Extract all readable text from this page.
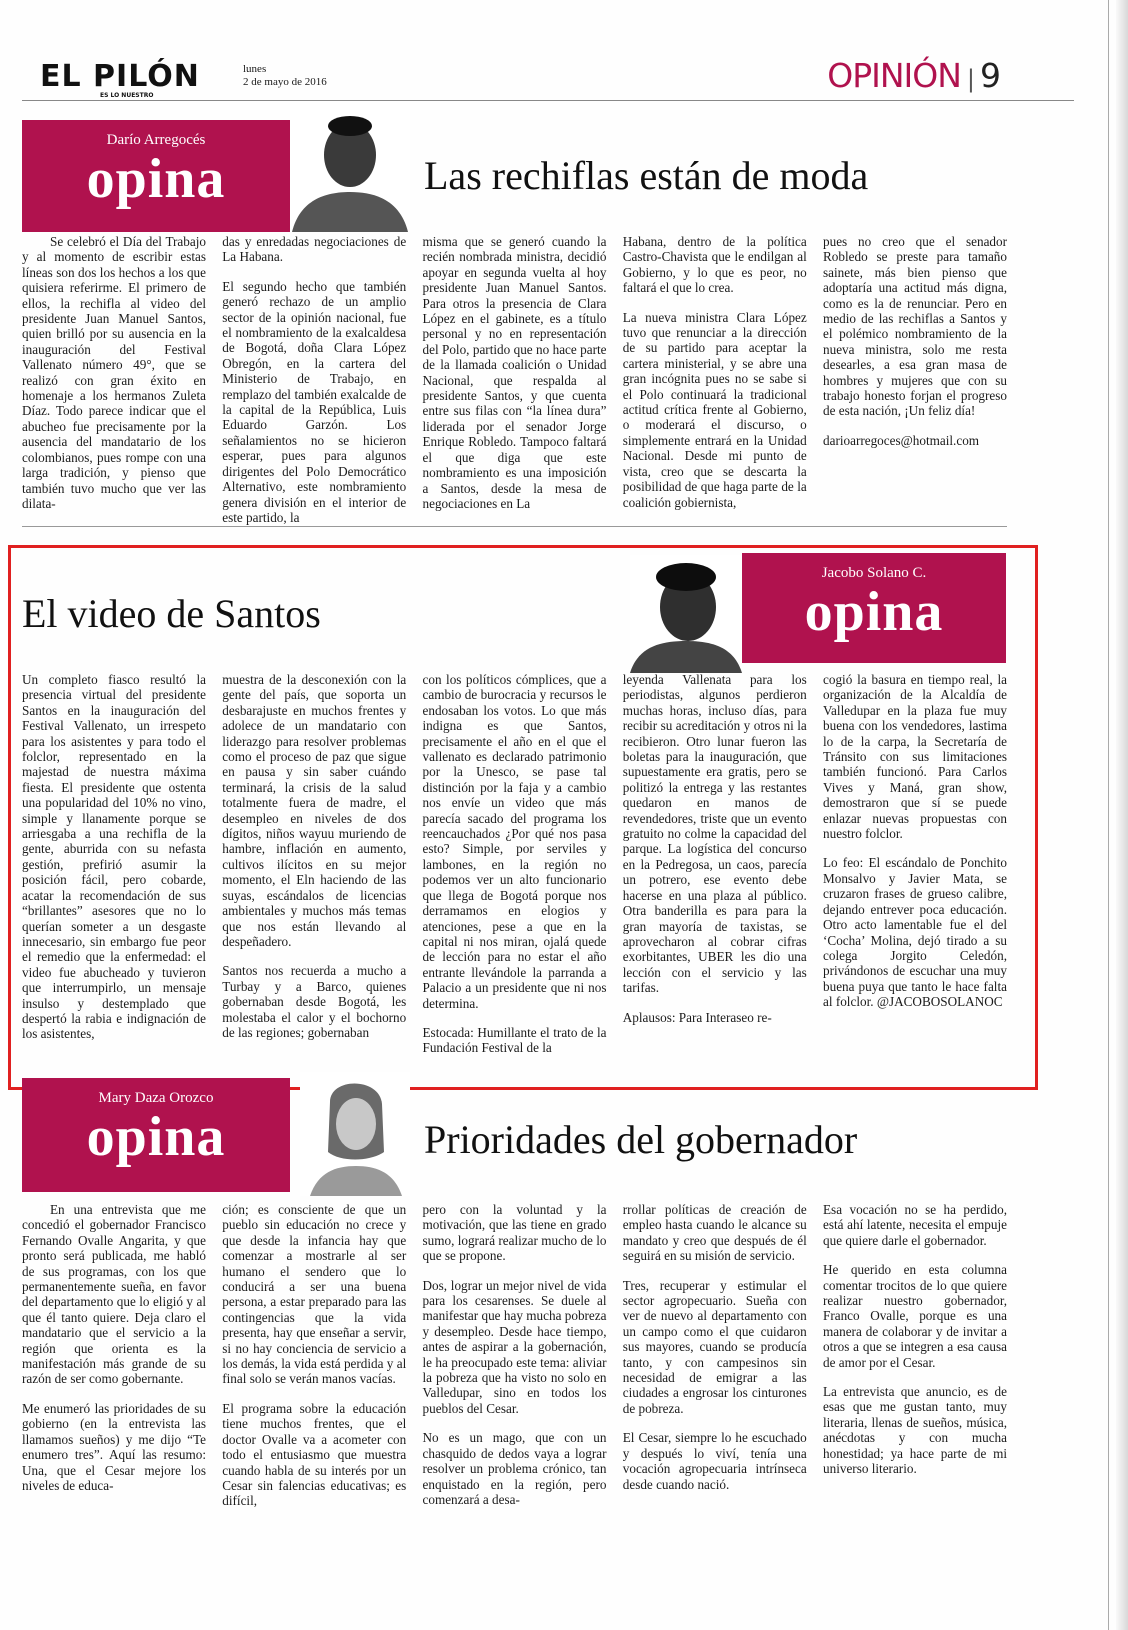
EL PILÓN
ES LO NUESTRO
lunes
2 de mayo de 2016	OPINIÓN | 9
Darío Arregocés
opina	Las rechiflas están de moda

Se celebró el Día del Trabajo y al momento de escribir estas líneas son dos los hechos a los que quisiera referirme. El primero de ellos, la rechifla al video del presidente Juan Manuel Santos, quien brilló por su ausencia en la inauguración del Festival Vallenato número 49°, que se realizó con gran éxito en homenaje a los hermanos Zuleta Díaz. Todo parece indicar que el abucheo fue precisamente por la ausencia del mandatario de los colombianos, pues rompe con una larga tradición, y pienso que también tuvo mucho que ver las dilata-

das y enredadas negociaciones de La Habana.

El segundo hecho que también generó rechazo de un amplio sector de la opinión nacional, fue el nombramiento de la exalcaldesa de Bogotá, doña Clara López Obregón, en la cartera del Ministerio de Trabajo, en remplazo del también exalcalde de la capital de la República, Luis Eduardo Garzón. Los señalamientos no se hicieron esperar, pues para algunos dirigentes del Polo Democrático Alternativo, este nombramiento genera división en el interior de este partido, la

misma que se generó cuando la recién nombrada ministra, decidió apoyar en segunda vuelta al hoy presidente Juan Manuel Santos. Para otros la presencia de Clara López en el gabinete, es a título personal y no en representación del Polo, partido que no hace parte de la llamada coalición o Unidad Nacional, que respalda al presidente Santos, y que cuenta entre sus filas con “la línea dura” liderada por el senador Jorge Enrique Robledo. Tampoco faltará el que diga que este nombramiento es una imposición a Santos, desde la mesa de negociaciones en La

Habana, dentro de la política Castro-Chavista que le endilgan al Gobierno, y lo que es peor, no faltará el que lo crea.

La nueva ministra Clara López tuvo que renunciar a la dirección de su partido para aceptar la cartera ministerial, y se abre una gran incógnita pues no se sabe si el Polo continuará la tradicional actitud crítica frente al Gobierno, o moderará el discurso, o simplemente entrará en la Unidad Nacional. Desde mi punto de vista, creo que se descarta la posibilidad de que haga parte de la coalición gobiernista,

pues no creo que el senador Robledo se preste para tamaño sainete, más bien pienso que adoptaría una actitud más digna, como es la de renunciar. Pero en medio de las rechiflas a Santos y el polémico nombramiento de la nueva ministra, solo me resta desearles, a esa gran masa de hombres y mujeres que con su trabajo honesto forjan el progreso de esta nación, ¡Un feliz día!

darioarregoces@hotmail.com

El video de Santos
Jacobo Solano C.
opina

Un completo fiasco resultó la presencia virtual del presidente Santos en la inauguración del Festival Vallenato, un irrespeto para los asistentes y para todo el folclor, representado en la majestad de nuestra máxima fiesta. El presidente que ostenta una popularidad del 10% no vino, simple y llanamente porque se arriesgaba a una rechifla de la gente, aburrida con su nefasta gestión, prefirió asumir la posición fácil, pero cobarde, acatar la recomendación de sus “brillantes” asesores que no lo querían someter a un desgaste innecesario, sin embargo fue peor el remedio que la enfermedad: el video fue abucheado y tuvieron que interrumpirlo, un mensaje insulso y destemplado que despertó la rabia e indignación de los asistentes,

muestra de la desconexión con la gente del país, que soporta un desbarajuste en muchos frentes y adolece de un mandatario con liderazgo para resolver problemas como el proceso de paz que sigue en pausa y sin saber cuándo terminará, la crisis de la salud totalmente fuera de madre, el desempleo en niveles de dos dígitos, niños wayuu muriendo de hambre, inflación en aumento, cultivos ilícitos en su mejor momento, el Eln haciendo de las suyas, escándalos de licencias ambientales y muchos más temas que nos están llevando al despeñadero.

Santos nos recuerda a mucho a Turbay y a Barco, quienes gobernaban desde Bogotá, les molestaba el calor y el bochorno de las regiones; gobernaban

con los políticos cómplices, que a cambio de burocracia y recursos le endosaban los votos. Lo que más indigna es que Santos, precisamente el año en el que el vallenato es declarado patrimonio por la Unesco, se pase tal distinción por la faja y a cambio nos envíe un video que más parecía sacado del programa los reencauchados ¿Por qué nos pasa esto? Simple, por serviles y lambones, en la región no podemos ver un alto funcionario que llega de Bogotá porque nos derramamos en elogios y atenciones, pese a que en la capital ni nos miran, ojalá quede de lección para no estar el año entrante llevándole la parranda a Palacio a un presidente que ni nos determina.

Estocada: Humillante el trato de la Fundación Festival de la

leyenda Vallenata para los periodistas, algunos perdieron muchas horas, incluso días, para recibir su acreditación y otros ni la recibieron. Otro lunar fueron las boletas para la inauguración, que supuestamente era gratis, pero se politizó la entrega y las restantes quedaron en manos de revendedores, triste que un evento gratuito no colme la capacidad del parque. La logística del concurso en la Pedregosa, un caos, parecía un potrero, ese evento debe hacerse en una plaza al público. Otra banderilla es para para la gran mayoría de taxistas, se aprovecharon al cobrar cifras exorbitantes, UBER les dio una lección con el servicio y las tarifas.

Aplausos: Para Interaseo re-

cogió la basura en tiempo real, la organización de la Alcaldía de Valledupar en la plaza fue muy buena con los vendedores, lastima lo de la carpa, la Secretaría de Tránsito con sus limitaciones también funcionó. Para Carlos Vives y Maná, gran show, demostraron que sí se puede enlazar nuevas propuestas con nuestro folclor.

Lo feo: El escándalo de Ponchito Monsalvo y Javier Mata, se cruzaron frases de grueso calibre, dejando entrever poca educación. Otro acto lamentable fue el del ‘Cocha’ Molina, dejó tirado a su colega Jorgito Celedón, privándonos de escuchar una muy buena puya que tanto le hace falta al folclor. @JACOBOSOLANOC

Mary Daza Orozco
opina	Prioridades del gobernador

En una entrevista que me concedió el gobernador Francisco Fernando Ovalle Angarita, y que pronto será publicada, me habló de sus programas, con los que permanentemente sueña, en favor del departamento que lo eligió y al que él tanto quiere. Deja claro el mandatario que el servicio a la región que orienta es la manifestación más grande de su razón de ser como gobernante.

Me enumeró las prioridades de su gobierno (en la entrevista las llamamos sueños) y me dijo “Te enumero tres”. Aquí las resumo: Una, que el Cesar mejore los niveles de educa-

ción; es consciente de que un pueblo sin educación no crece y que desde la infancia hay que comenzar a mostrarle al ser humano el sendero que lo conducirá a ser una buena persona, a estar preparado para las contingencias que la vida presenta, hay que enseñar a servir, si no hay conciencia de servicio a los demás, la vida está perdida y al final solo se verán manos vacías.

El programa sobre la educación tiene muchos frentes, que el doctor Ovalle va a acometer con todo el entusiasmo que muestra cuando habla de su interés por un Cesar sin falencias educativas; es difícil,

pero con la voluntad y la motivación, que las tiene en grado sumo, logrará realizar mucho de lo que se propone.

Dos, lograr un mejor nivel de vida para los cesarenses. Se duele al manifestar que hay mucha pobreza y desempleo. Desde hace tiempo, antes de aspirar a la gobernación, le ha preocupado este tema: aliviar la pobreza que ha visto no solo en Valledupar, sino en todos los pueblos del Cesar.

No es un mago, que con un chasquido de dedos vaya a lograr resolver un problema crónico, tan enquistado en la región, pero comenzará a desa-

rrollar políticas de creación de empleo hasta cuando le alcance su mandato y creo que después de él seguirá en su misión de servicio.

Tres, recuperar y estimular el sector agropecuario. Sueña con ver de nuevo al departamento con un campo como el que cuidaron sus mayores, cuando se producía tanto, y con campesinos sin necesidad de emigrar a las ciudades a engrosar los cinturones de pobreza.

El Cesar, siempre lo he escuchado y después lo viví, tenía una vocación agropecuaria intrínseca desde cuando nació.

Esa vocación no se ha perdido, está ahí latente, necesita el empuje que quiere darle el gobernador.

He querido en esta columna comentar trocitos de lo que quiere realizar nuestro gobernador, Franco Ovalle, porque es una manera de colaborar y de invitar a otros a que se integren a esa causa de amor por el Cesar.

La entrevista que anuncio, es de esas que me gustan tanto, muy literaria, llenas de sueños, música, anécdotas y con mucha honestidad; ya hace parte de mi universo literario.
